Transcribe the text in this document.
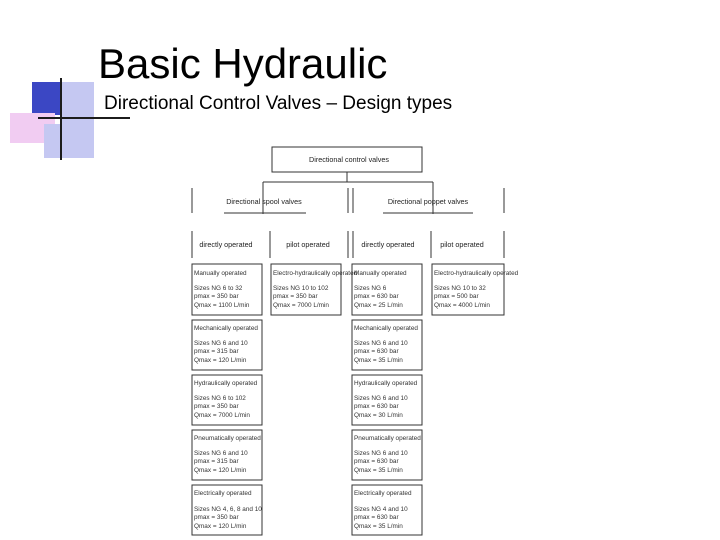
Basic Hydraulic
Directional Control Valves – Design types
Directional control valves
Directional spool valves	Directional poppet valves
directly operated	pilot operated	directly operated	pilot operated
Manually operated
Sizes NG 6 to 32
pmax = 350 bar
Qmax = 1100 L/min
Mechanically operated
Sizes NG 6 and 10
pmax = 315 bar
Qmax = 120 L/min
Hydraulically operated
Sizes NG 6 to 102
pmax = 350 bar
Qmax = 7000 L/min
Pneumatically operated
Sizes NG 6 and 10
pmax = 315 bar
Qmax = 120 L/min
Electrically operated
Sizes NG 4, 6, 8 and 10
pmax = 350 bar
Qmax = 120 L/min
Electro-hydraulically operated
Sizes NG 10 to 102
pmax = 350 bar
Qmax = 7000 L/min
Manually operated
Sizes NG 6
pmax = 630 bar
Qmax = 25 L/min
Mechanically operated
Sizes NG 6 and 10
pmax = 630 bar
Qmax = 35 L/min
Hydraulically operated
Sizes NG 6 and 10
pmax = 630 bar
Qmax = 30 L/min
Pneumatically operated
Sizes NG 6 and 10
pmax = 630 bar
Qmax = 35 L/min
Electrically operated
Sizes NG 4 and 10
pmax = 630 bar
Qmax = 35 L/min
Electro-hydraulically operated
Sizes NG 10 to 32
pmax = 500 bar
Qmax = 4000 L/min
